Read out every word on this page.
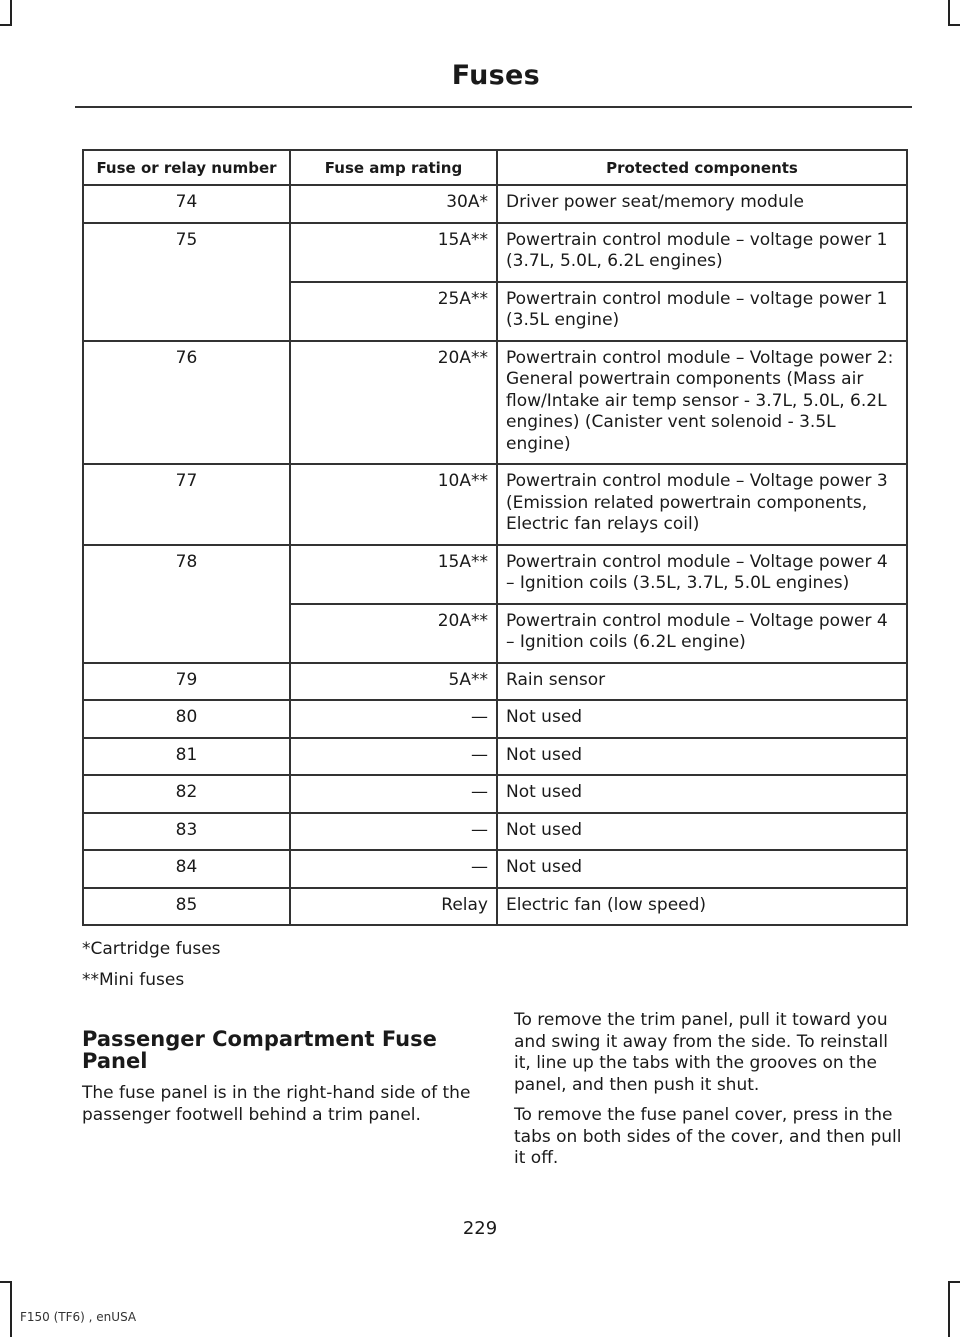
Fuses
Fuse or relay number	Fuse amp rating	Protected components
74	30A*	Driver power seat/memory module
75	15A**	Powertrain control module – voltage power 1 (3.7L, 5.0L, 6.2L engines)
	25A**	Powertrain control module – voltage power 1 (3.5L engine)
76	20A**	Powertrain control module – Voltage power 2: General powertrain components (Mass air flow/Intake air temp sensor - 3.7L, 5.0L, 6.2L engines) (Canister vent solenoid - 3.5L engine)
77	10A**	Powertrain control module – Voltage power 3 (Emission related powertrain components, Electric fan relays coil)
78	15A**	Powertrain control module – Voltage power 4 – Ignition coils (3.5L, 3.7L, 5.0L engines)
	20A**	Powertrain control module – Voltage power 4 – Ignition coils (6.2L engine)
79	5A**	Rain sensor
80	—	Not used
81	—	Not used
82	—	Not used
83	—	Not used
84	—	Not used
85	Relay	Electric fan (low speed)
*Cartridge fuses
**Mini fuses
Passenger Compartment Fuse Panel
The fuse panel is in the right-hand side of the passenger footwell behind a trim panel.
To remove the trim panel, pull it toward you and swing it away from the side. To reinstall it, line up the tabs with the grooves on the panel, and then push it shut.
To remove the fuse panel cover, press in the tabs on both sides of the cover, and then pull it off.
229
F150 (TF6) , enUSA
